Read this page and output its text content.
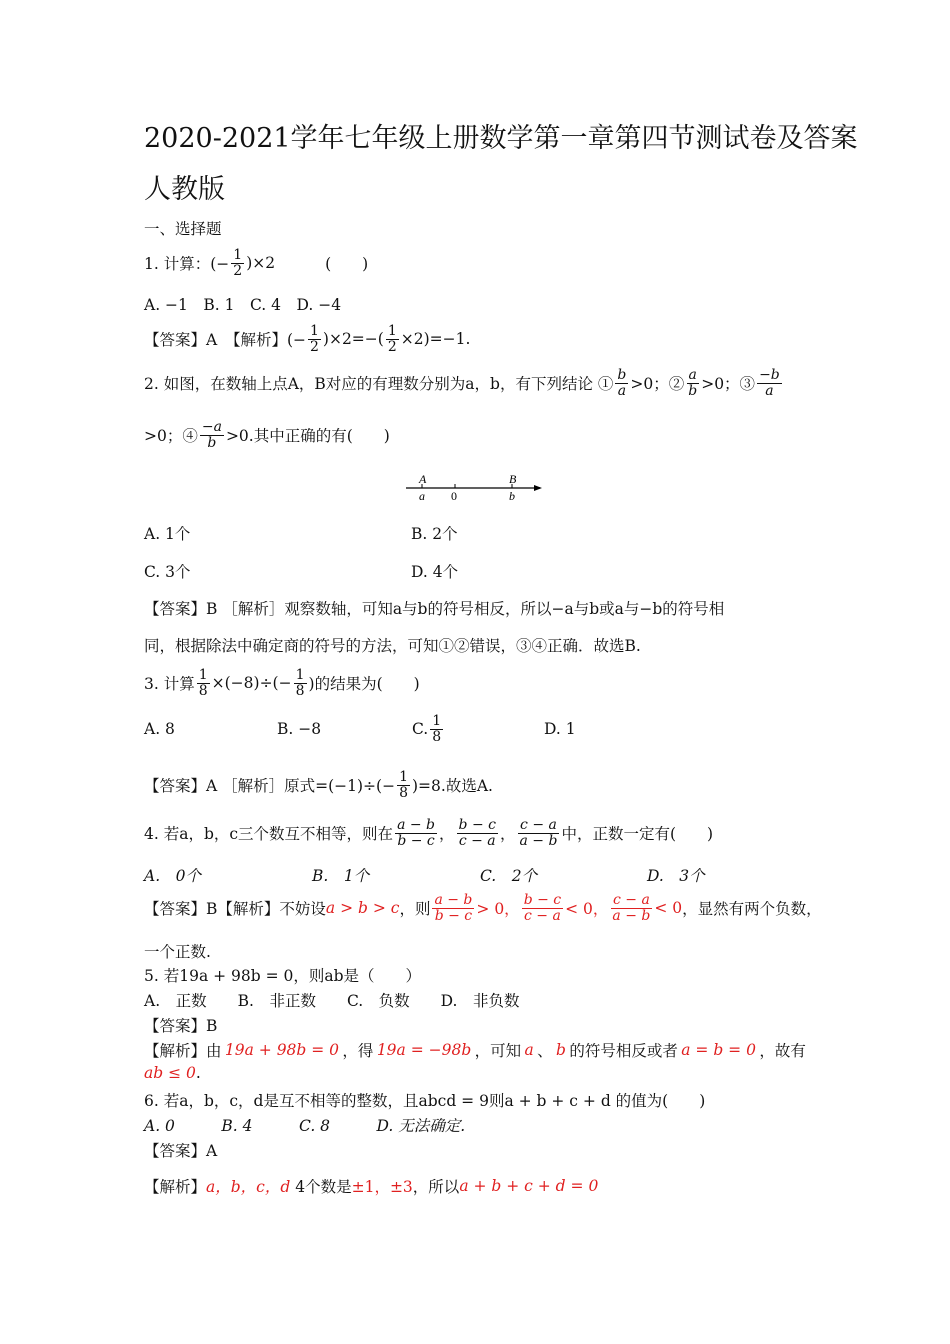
2020-2021学年七年级上册数学第一章第四节测试卷及答案
人教版
一、选择题
1. 计算：(− $\frac{1}{2} )\times 2$	(　　)
A. −1　B. 1　C. 4　D. −4
【答案】A　【解析】(− $\frac{1}{2} )\times 2=-( \frac{1}{2} \times 2)=-1$.
2. 如图，在数轴上点A，B对应的有理数分别为a，b，有下列结论 ① $\frac{b}{a} >0$；② $\frac{a}{b} >0$；③ $\frac{-b}{a}$
>0；④ $\frac{-a}{b} >0$.其中正确的有(　　)
A
a 0
B
b
A. 1个	B. 2个
C. 3个	D. 4个
【答案】B ［解析］观察数轴，可知a与b的符号相反，所以−a与b或a与−b的符号相
同，根据除法中确定商的符号的方法，可知①②错误，③④正确．故选B.
3. 计算 $\frac{1}{8} \times(-8)\div(- \frac{1}{8}$ )的结果为(　　)
A. 8	B. −8	C. $\frac{1}{8}$	D. 1
【答案】A ［解析］原式$=(-1)\div(- \frac{1}{8} )=8$.故选A.
4. 若a，b，c三个数互不相等，则在 $\frac{a - b}{b - c}$ ， $\frac{b - c}{c - a}$ ， $\frac{c - a}{a - b}$ 中，正数一定有(　　)
A.　0个	B.　1个	C.　2个	D.　3个
【答案】B【解析】不妨设 a > b > c ，则 $\frac{a - b}{b - c} > 0$， $\frac{b - c}{c - a} < 0$， $\frac{c - a}{a - b} < 0$ ，显然有两个负数，
一个正数.
5. 若19a + 98b = 0，则ab是（　　）
A.　正数　　B.　非正数　　C.　负数　　D.　非负数
【答案】B
【解析】由 19a + 98b = 0 ，得 19a = −98b ，可知 a 、 b 的符号相反或者 a = b = 0 ，故有
ab ≤ 0 .
6. 若a，b，c，d是互不相等的整数，且abcd = 9则a + b + c + d 的值为(　　)
A. 0　　　B. 4　　　C. 8　　　D. 无法确定.
【答案】A
【解析】 a，b，c，d 4个数是 ±1，±3 ，所以 a + b + c + d = 0
